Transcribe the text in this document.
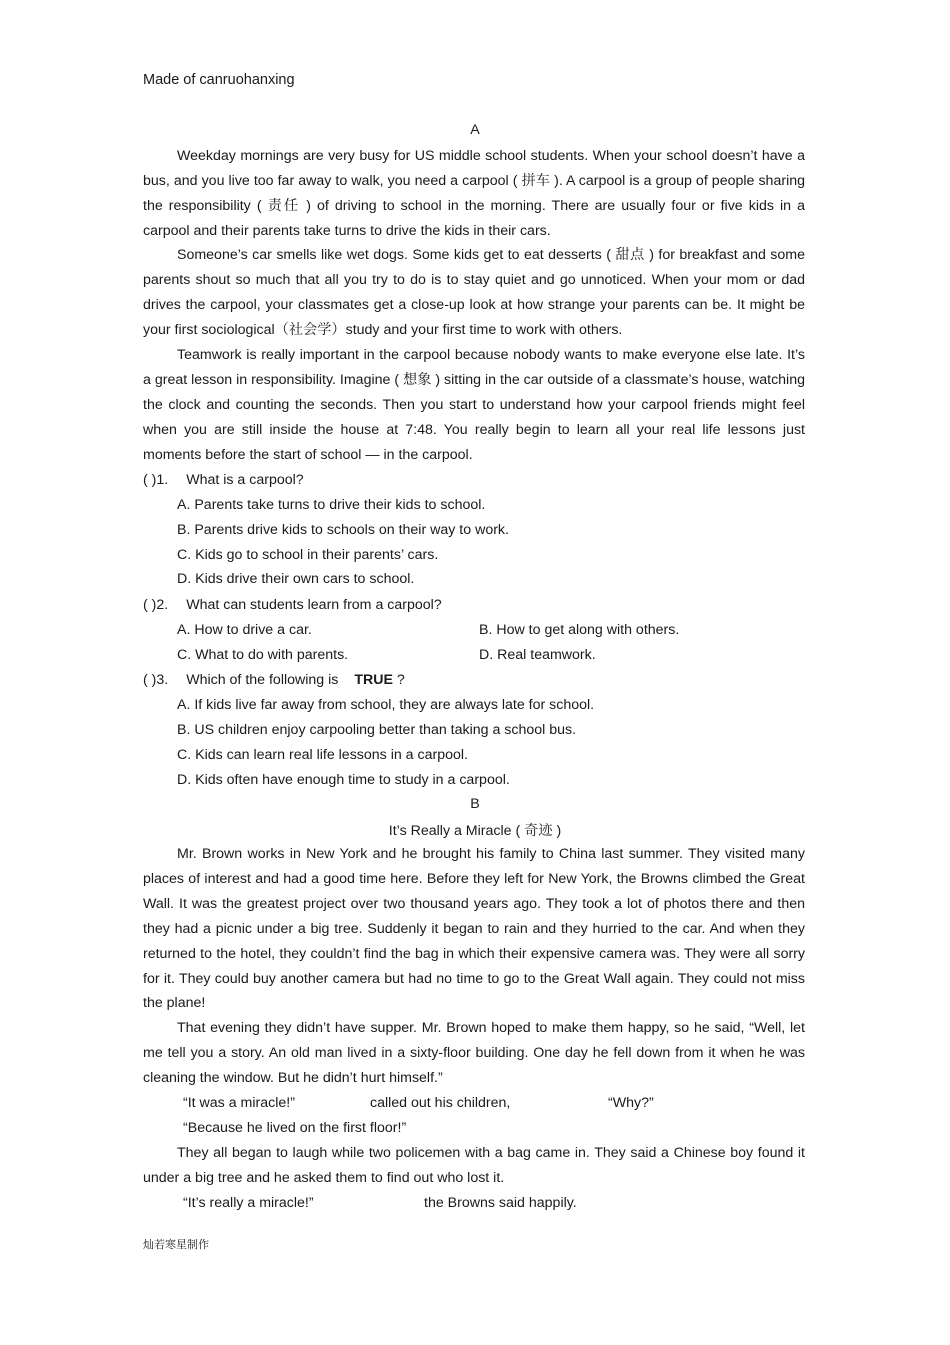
Made of canruohanxing
A
Weekday mornings are very busy for US middle school students. When your school doesn’t have a bus, and you live too far away to walk, you need a carpool ( 拼车 ). A carpool is a group of people sharing the responsibility ( 责任 ) of driving to school in the morning. There are usually four or five kids in a carpool and their parents take turns to drive the kids in their cars.
Someone’s car smells like wet dogs. Some kids get to eat desserts ( 甜点 ) for breakfast and some parents shout so much that all you try to do is to stay quiet and go unnoticed. When your mom or dad drives the carpool, your classmates get a close-up look at how strange your parents can be. It might be your first sociological（社会学）study and your first time to work with others.
Teamwork is really important in the carpool because nobody wants to make everyone else late. It’s a great lesson in responsibility. Imagine ( 想象 ) sitting in the car outside of a classmate’s house, watching the clock and counting the seconds. Then you start to understand how your carpool friends might feel when you are still inside the house at 7:48. You really begin to learn all your real life lessons just moments before the start of school — in the carpool.
( )1. What is a carpool?
A. Parents take turns to drive their kids to school.
B. Parents drive kids to schools on their way to work.
C. Kids go to school in their parents’ cars.
D. Kids drive their own cars to school.
( )2. What can students learn from a carpool?
A. How to drive a car.	B. How to get along with others.
C. What to do with parents.	D. Real teamwork.
( )3. Which of the following is TRUE ?
A. If kids live far away from school, they are always late for school.
B. US children enjoy carpooling better than taking a school bus.
C. Kids can learn real life lessons in a carpool.
D. Kids often have enough time to study in a carpool.
B
It’s Really a Miracle ( 奇迹 )
Mr. Brown works in New York and he brought his family to China last summer. They visited many places of interest and had a good time here. Before they left for New York, the Browns climbed the Great Wall. It was the greatest project over two thousand years ago. They took a lot of photos there and then they had a picnic under a big tree. Suddenly it began to rain and they hurried to the car. And when they returned to the hotel, they couldn’t find the bag in which their expensive camera was. They were all sorry for it. They could buy another camera but had no time to go to the Great Wall again. They could not miss the plane!
That evening they didn’t have supper. Mr. Brown hoped to make them happy, so he said, “Well, let me tell you a story. An old man lived in a sixty-floor building. One day he fell down from it when he was cleaning the window. But he didn’t hurt himself.”
“It was a miracle!”	called out his children,	“Why?”
“Because he lived on the first floor!”
They all began to laugh while two policemen with a bag came in. They said a Chinese boy found it under a big tree and he asked them to find out who lost it.
“It’s really a miracle!”	the Browns said happily.
灿若寒星制作
